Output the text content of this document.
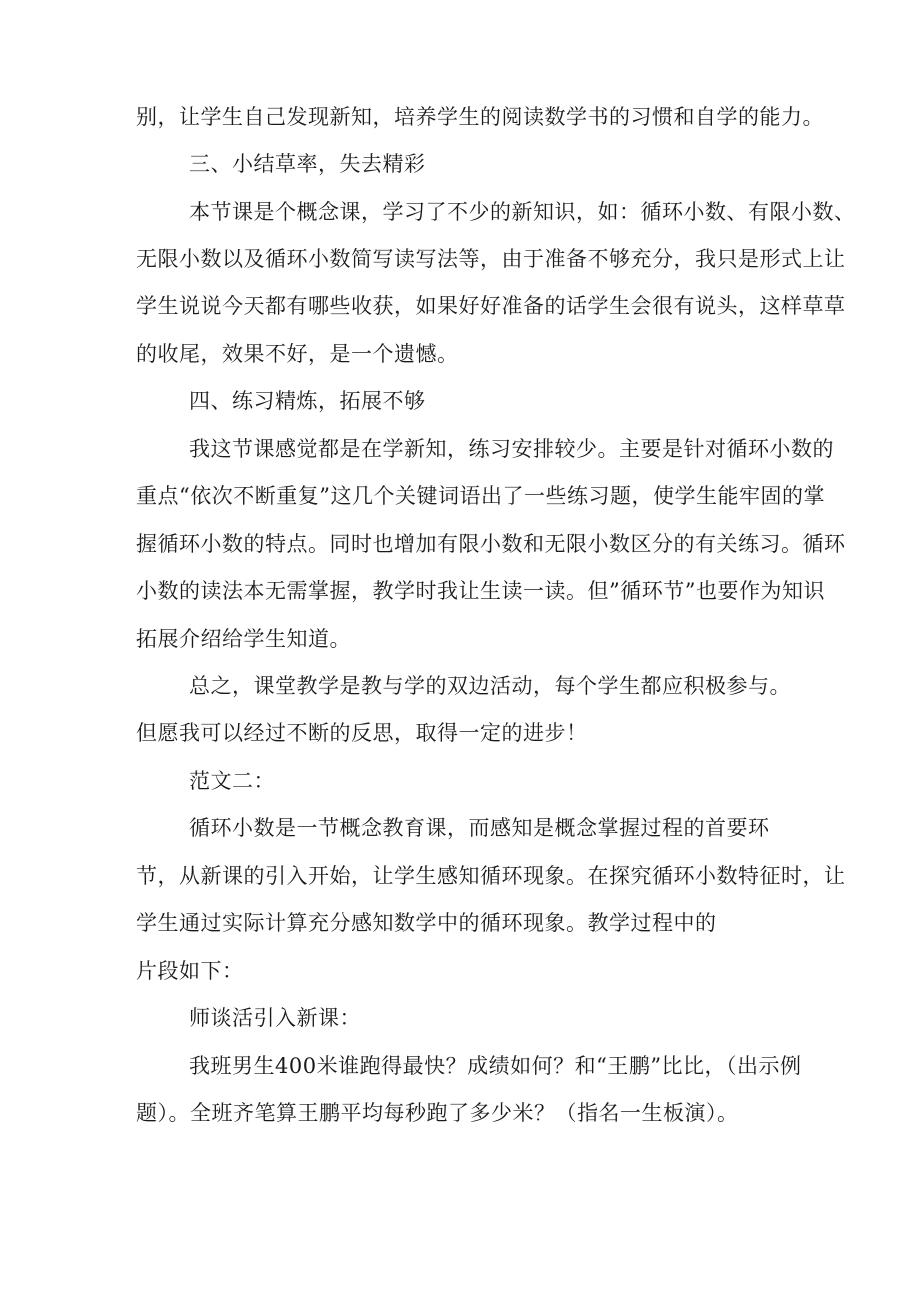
别，让学生自己发现新知，培养学生的阅读数学书的习惯和自学的能力。
三、小结草率，失去精彩
本节课是个概念课，学习了不少的新知识，如：循环小数、有限小数、
无限小数以及循环小数简写读写法等，由于准备不够充分，我只是形式上让
学生说说今天都有哪些收获，如果好好准备的话学生会很有说头，这样草草
的收尾，效果不好，是一个遗憾。
四、练习精炼，拓展不够
我这节课感觉都是在学新知，练习安排较少。主要是针对循环小数的
重点“依次不断重复”这几个关键词语出了一些练习题，使学生能牢固的掌
握循环小数的特点。同时也增加有限小数和无限小数区分的有关练习。循环
小数的读法本无需掌握，教学时我让生读一读。但”循环节”也要作为知识
拓展介绍给学生知道。
总之，课堂教学是教与学的双边活动，每个学生都应积极参与。
但愿我可以经过不断的反思，取得一定的进步！
范文二：
循环小数是一节概念教育课，而感知是概念掌握过程的首要环
节，从新课的引入开始，让学生感知循环现象。在探究循环小数特征时，让
学生通过实际计算充分感知数学中的循环现象。教学过程中的
片段如下：
师谈活引入新课：
我班男生400米谁跑得最快？成绩如何？和“王鹏”比比，（出示例
题）。全班齐笔算王鹏平均每秒跑了多少米？（指名一生板演）。
